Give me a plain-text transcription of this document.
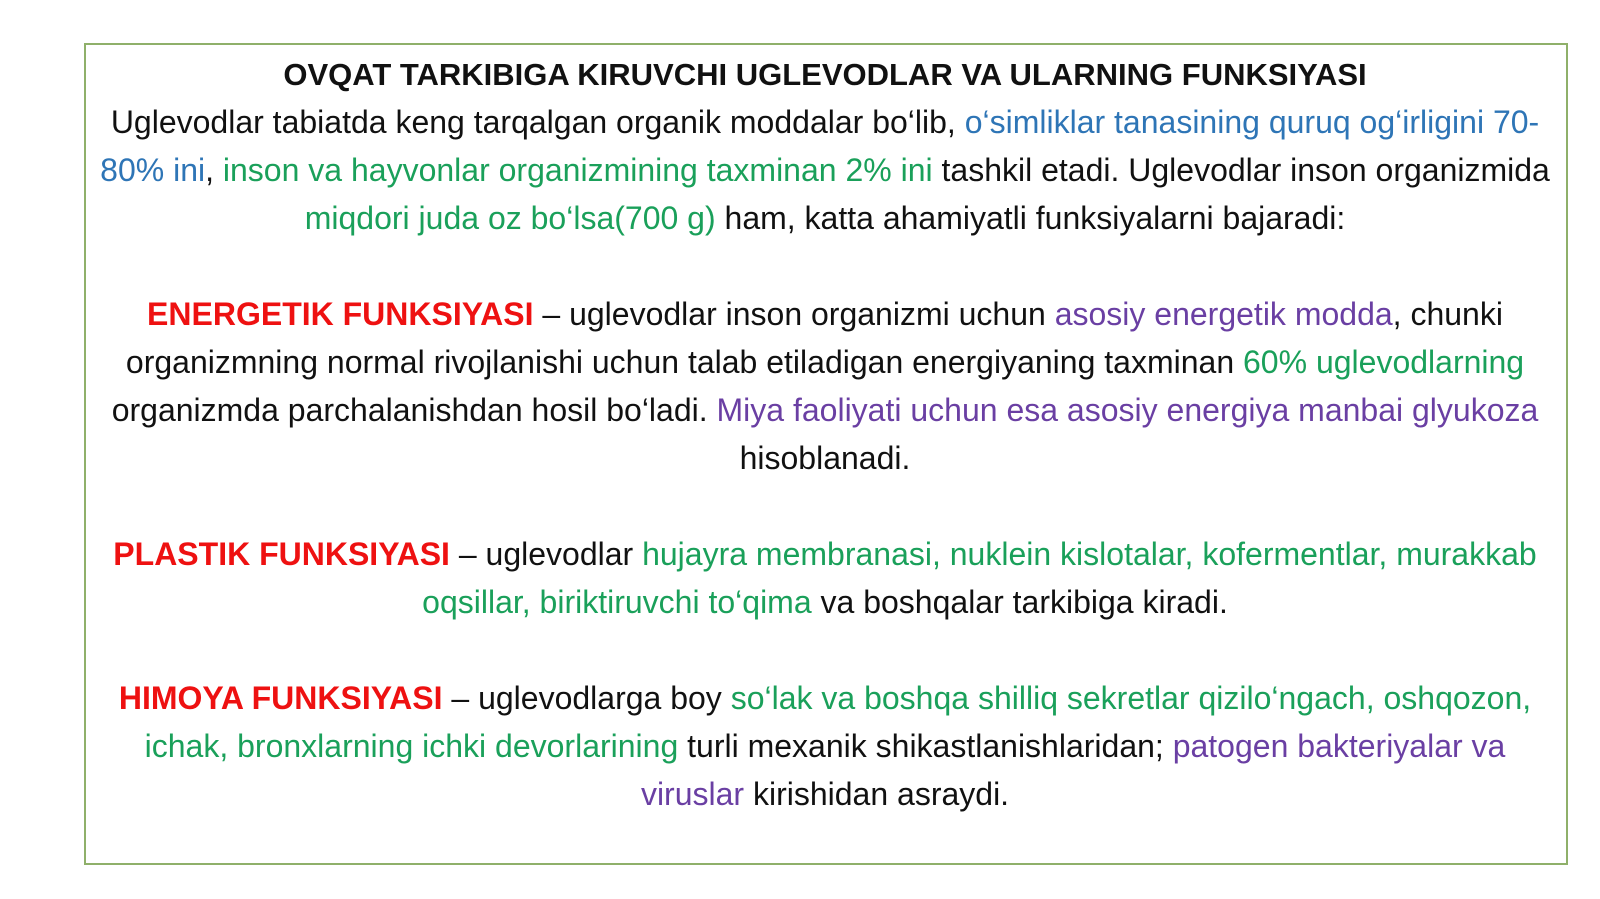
OVQAT TARKIBIGA KIRUVCHI UGLEVODLAR VA ULARNING FUNKSIYASI

Uglevodlar tabiatda keng tarqalgan organik moddalar bo‘lib, o‘simliklar tanasining quruq og‘irligini 70-80% ini, inson va hayvonlar organizmining taxminan 2% ini tashkil etadi. Uglevodlar inson organizmida miqdori juda oz bo‘lsa(700 g) ham, katta ahamiyatli funksiyalarni bajaradi:

ENERGETIK FUNKSIYASI – uglevodlar inson organizmi uchun asosiy energetik modda, chunki organizmning normal rivojlanishi uchun talab etiladigan energiyaning taxminan 60% uglevodlarning organizmda parchalanishdan hosil bo‘ladi. Miya faoliyati uchun esa asosiy energiya manbai glyukoza hisoblanadi.

PLASTIK FUNKSIYASI – uglevodlar hujayra membranasi, nuklein kislotalar, kofermentlar, murakkab oqsillar, biriktiruvchi to‘qima va boshqalar tarkibiga kiradi.

HIMOYA FUNKSIYASI – uglevodlarga boy so‘lak va boshqa shilliq sekretlar qizilo‘ngach, oshqozon, ichak, bronxlarning ichki devorlarining turli mexanik shikastlanishlaridan; patogen bakteriyalar va viruslar kirishidan asraydi.
